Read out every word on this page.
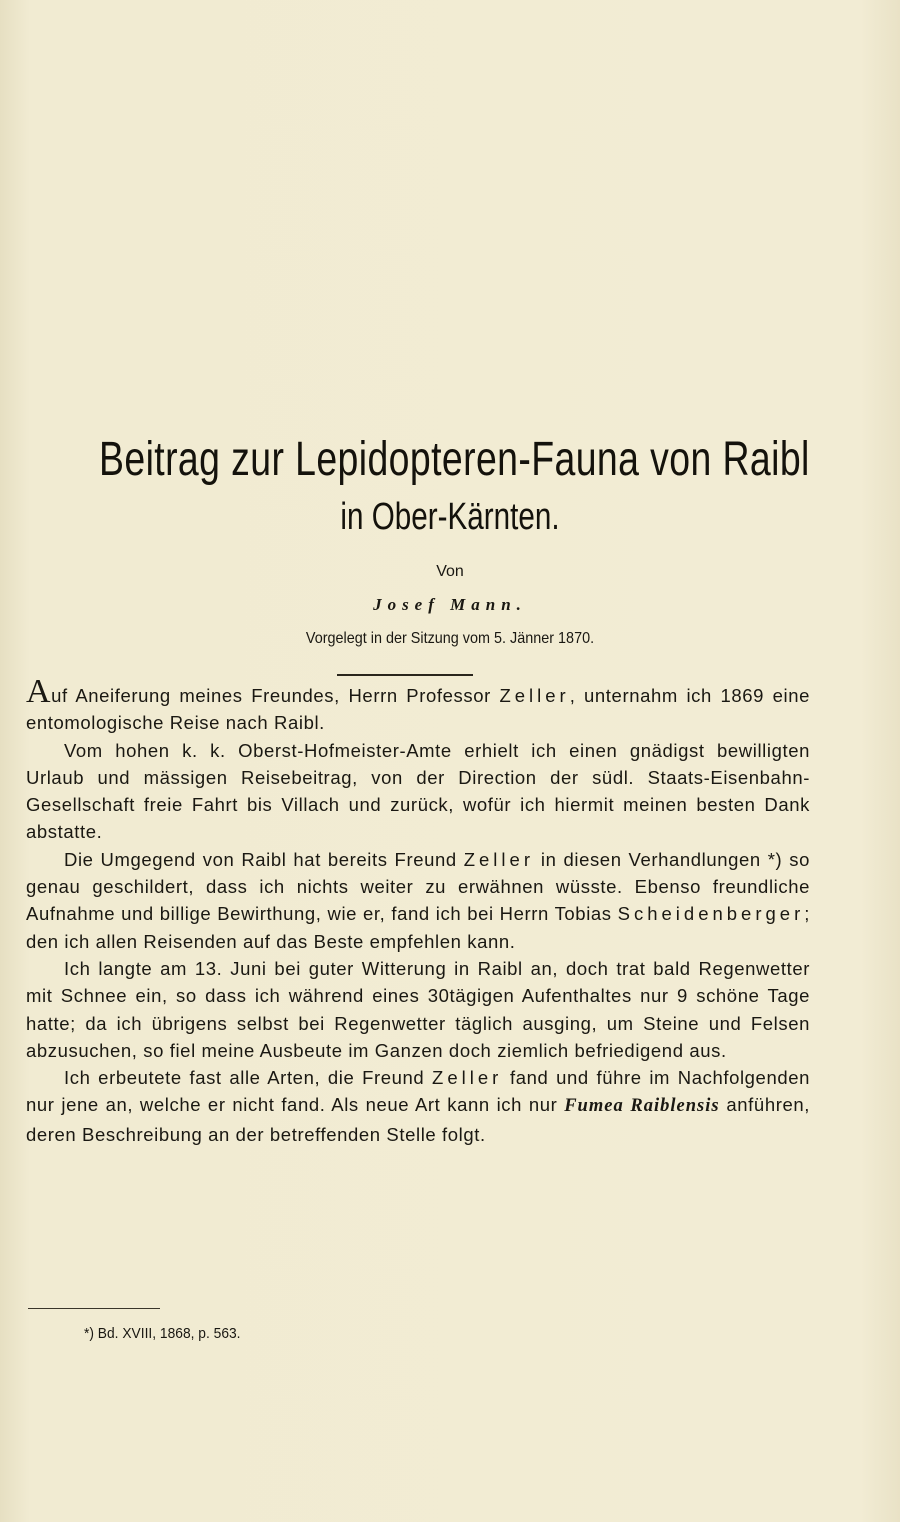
Beitrag zur Lepidopteren-Fauna von Raibl
in Ober-Kärnten.
Von
Josef Mann.
Vorgelegt in der Sitzung vom 5. Jänner 1870.

Auf Aneiferung meines Freundes, Herrn Professor Zeller, unternahm ich 1869 eine entomologische Reise nach Raibl.

Vom hohen k. k. Oberst-Hofmeister-Amte erhielt ich einen gnädigst bewilligten Urlaub und mässigen Reisebeitrag, von der Direction der südl. Staats-Eisenbahn-Gesellschaft freie Fahrt bis Villach und zurück, wofür ich hiermit meinen besten Dank abstatte.

Die Umgegend von Raibl hat bereits Freund Zeller in diesen Verhandlungen *) so genau geschildert, dass ich nichts weiter zu erwähnen wüsste. Ebenso freundliche Aufnahme und billige Bewirthung, wie er, fand ich bei Herrn Tobias Scheidenberger; den ich allen Reisenden auf das Beste empfehlen kann.

Ich langte am 13. Juni bei guter Witterung in Raibl an, doch trat bald Regenwetter mit Schnee ein, so dass ich während eines 30tägigen Aufenthaltes nur 9 schöne Tage hatte; da ich übrigens selbst bei Regenwetter täglich ausging, um Steine und Felsen abzusuchen, so fiel meine Ausbeute im Ganzen doch ziemlich befriedigend aus.

Ich erbeutete fast alle Arten, die Freund Zeller fand und führe im Nachfolgenden nur jene an, welche er nicht fand. Als neue Art kann ich nur Fumea Raiblensis anführen, deren Beschreibung an der betreffenden Stelle folgt.

*) Bd. XVIII, 1868, p. 563.
